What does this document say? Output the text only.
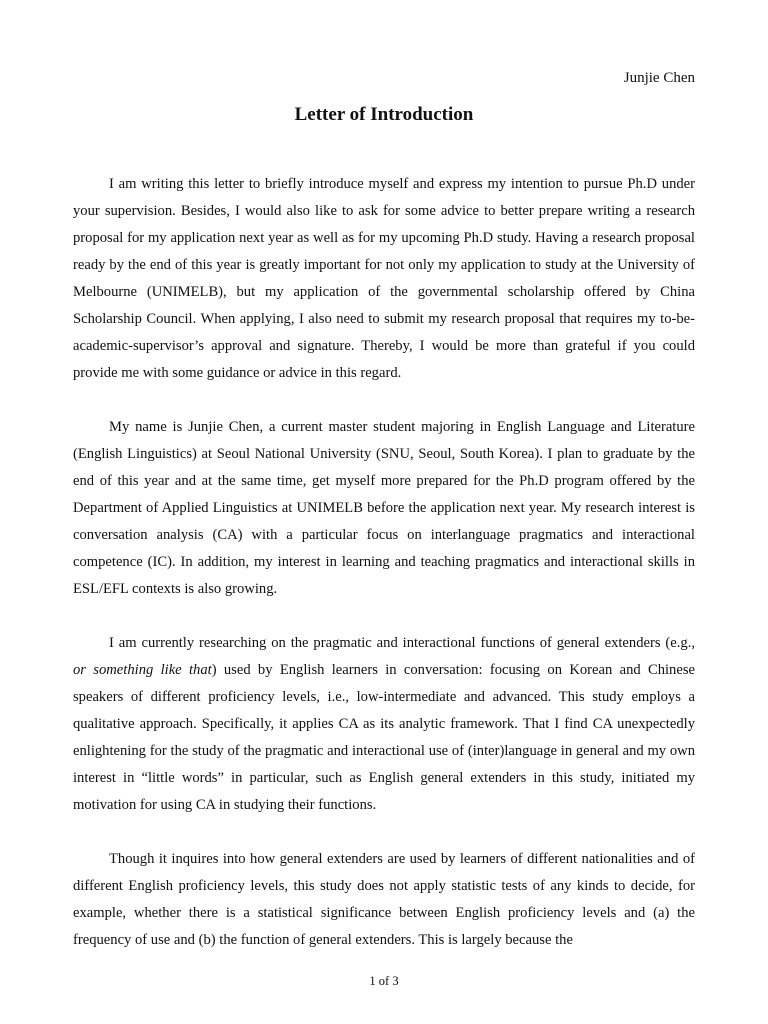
Junjie Chen
Letter of Introduction

I am writing this letter to briefly introduce myself and express my intention to pursue Ph.D under your supervision. Besides, I would also like to ask for some advice to better prepare writing a research proposal for my application next year as well as for my upcoming Ph.D study. Having a research proposal ready by the end of this year is greatly important for not only my application to study at the University of Melbourne (UNIMELB), but my application of the governmental scholarship offered by China Scholarship Council. When applying, I also need to submit my research proposal that requires my to-be-academic-supervisor’s approval and signature. Thereby, I would be more than grateful if you could provide me with some guidance or advice in this regard.

My name is Junjie Chen, a current master student majoring in English Language and Literature (English Linguistics) at Seoul National University (SNU, Seoul, South Korea). I plan to graduate by the end of this year and at the same time, get myself more prepared for the Ph.D program offered by the Department of Applied Linguistics at UNIMELB before the application next year. My research interest is conversation analysis (CA) with a particular focus on interlanguage pragmatics and interactional competence (IC). In addition, my interest in learning and teaching pragmatics and interactional skills in ESL/EFL contexts is also growing.

I am currently researching on the pragmatic and interactional functions of general extenders (e.g., or something like that) used by English learners in conversation: focusing on Korean and Chinese speakers of different proficiency levels, i.e., low-intermediate and advanced. This study employs a qualitative approach. Specifically, it applies CA as its analytic framework. That I find CA unexpectedly enlightening for the study of the pragmatic and interactional use of (inter)language in general and my own interest in “little words” in particular, such as English general extenders in this study, initiated my motivation for using CA in studying their functions.

Though it inquires into how general extenders are used by learners of different nationalities and of different English proficiency levels, this study does not apply statistic tests of any kinds to decide, for example, whether there is a statistical significance between English proficiency levels and (a) the frequency of use and (b) the function of general extenders. This is largely because the

1 of 3
